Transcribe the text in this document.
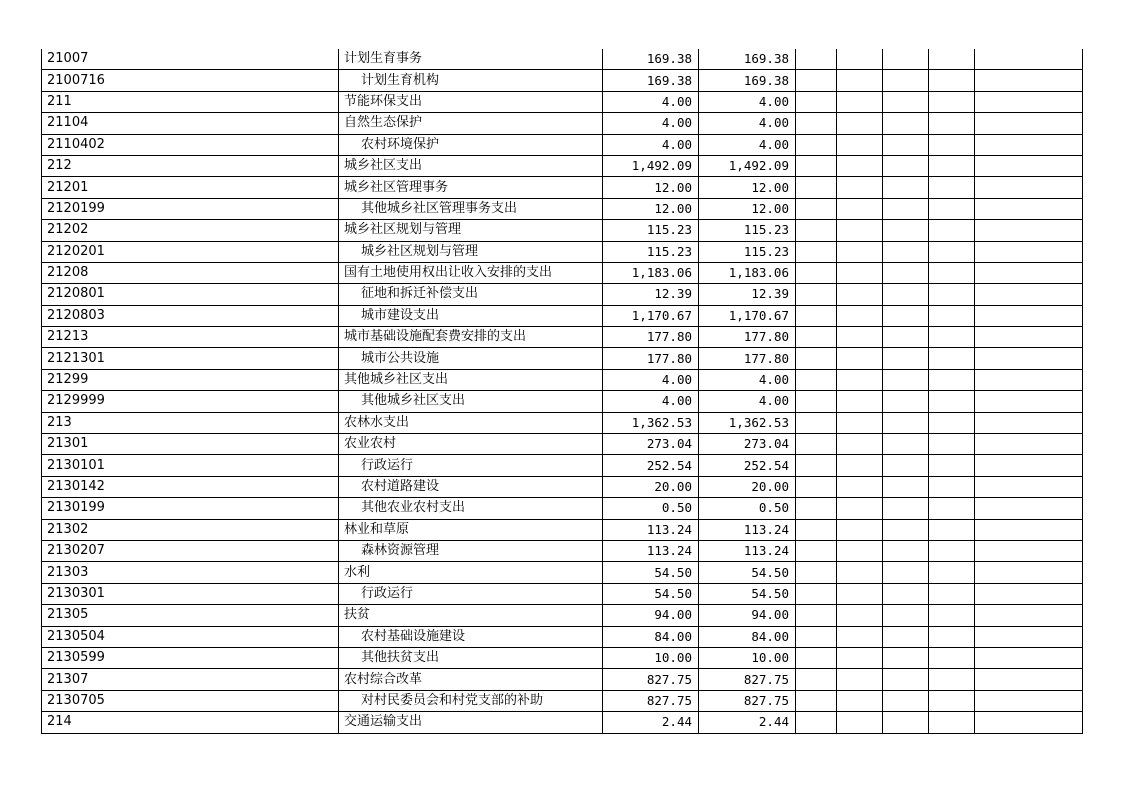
21007	计划生育事务	169.38	169.38					
2100716	计划生育机构	169.38	169.38					
211	节能环保支出	4.00	4.00					
21104	自然生态保护	4.00	4.00					
2110402	农村环境保护	4.00	4.00					
212	城乡社区支出	1,492.09	1,492.09					
21201	城乡社区管理事务	12.00	12.00					
2120199	其他城乡社区管理事务支出	12.00	12.00					
21202	城乡社区规划与管理	115.23	115.23					
2120201	城乡社区规划与管理	115.23	115.23					
21208	国有土地使用权出让收入安排的支出	1,183.06	1,183.06					
2120801	征地和拆迁补偿支出	12.39	12.39					
2120803	城市建设支出	1,170.67	1,170.67					
21213	城市基础设施配套费安排的支出	177.80	177.80					
2121301	城市公共设施	177.80	177.80					
21299	其他城乡社区支出	4.00	4.00					
2129999	其他城乡社区支出	4.00	4.00					
213	农林水支出	1,362.53	1,362.53					
21301	农业农村	273.04	273.04					
2130101	行政运行	252.54	252.54					
2130142	农村道路建设	20.00	20.00					
2130199	其他农业农村支出	0.50	0.50					
21302	林业和草原	113.24	113.24					
2130207	森林资源管理	113.24	113.24					
21303	水利	54.50	54.50					
2130301	行政运行	54.50	54.50					
21305	扶贫	94.00	94.00					
2130504	农村基础设施建设	84.00	84.00					
2130599	其他扶贫支出	10.00	10.00					
21307	农村综合改革	827.75	827.75					
2130705	对村民委员会和村党支部的补助	827.75	827.75					
214	交通运输支出	2.44	2.44					
